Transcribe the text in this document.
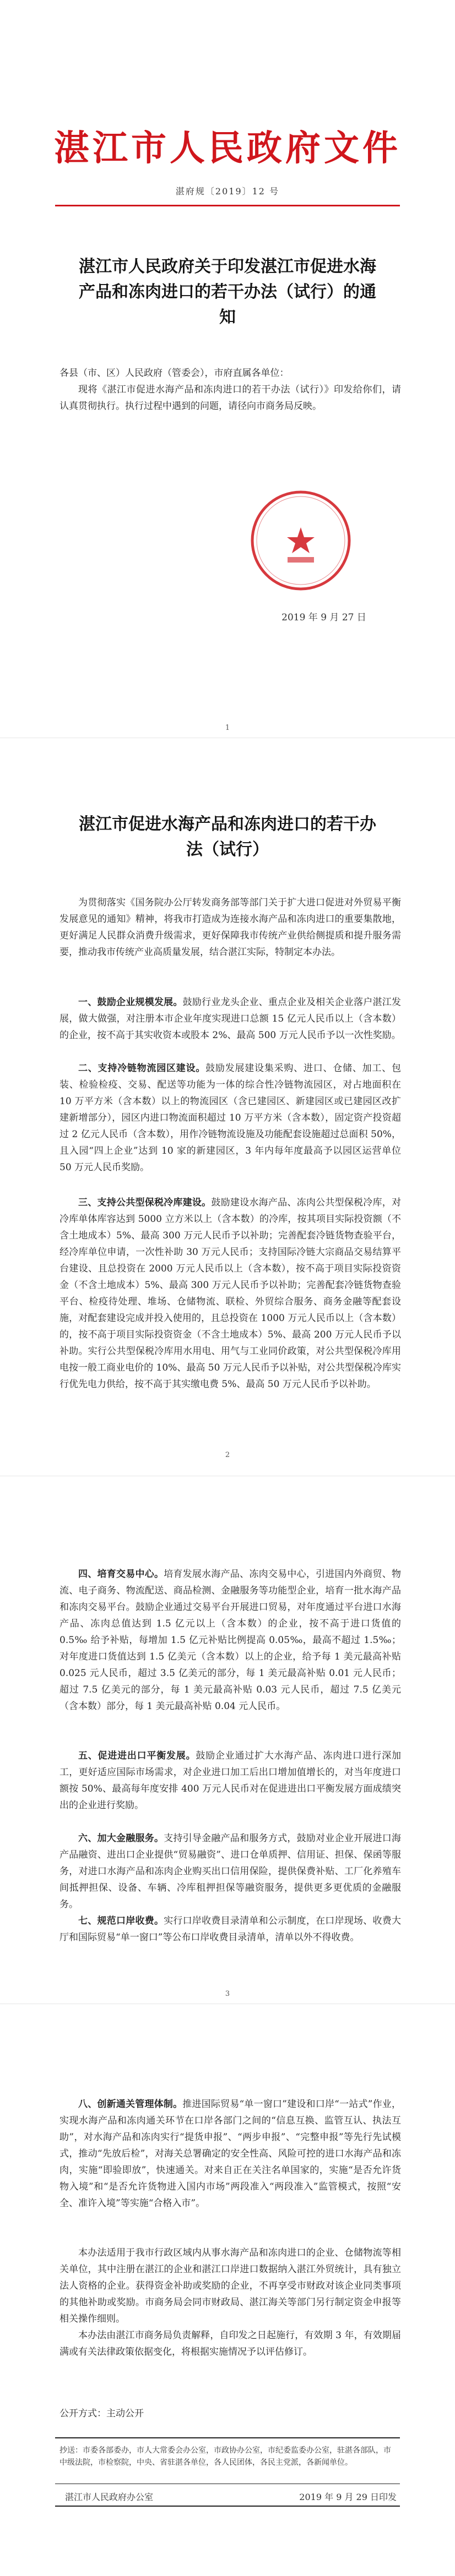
湛江市人民政府文件
湛府规〔2019〕12 号
湛江市人民政府关于印发湛江市促进水海产品和冻肉进口的若干办法（试行）的通知
各县（市、区）人民政府（管委会），市府直属各单位：
现将《湛江市促进水海产品和冻肉进口的若干办法（试行）》印发给你们，请认真贯彻执行。执行过程中遇到的问题，请径向市商务局反映。
2019 年 9 月 27 日
1
2
湛江市促进水海产品和冻肉进口的若干办法（试行）
为贯彻落实《国务院办公厅转发商务部等部门关于扩大进口促进对外贸易平衡发展意见的通知》精神，将我市打造成为连接水海产品和冻肉进口的重要集散地，更好满足人民群众消费升级需求，更好保障我市传统产业供给侧提质和提升服务需要，推动我市传统产业高质量发展，结合湛江实际，特制定本办法。
一、鼓励企业规模发展。鼓励行业龙头企业、重点企业及相关企业落户湛江发展，做大做强，对注册本市企业年度实现进口总额 15 亿元人民币以上（含本数）的企业，按不高于其实收资本或股本 2%、最高 500 万元人民币予以一次性奖励。
二、支持冷链物流园区建设。鼓励发展建设集采购、进口、仓储、加工、包装、检验检疫、交易、配送等功能为一体的综合性冷链物流园区，对占地面积在 10 万平方米（含本数）以上的物流园区（含已建园区、新建园区或已建园区改扩建新增部分），园区内进口物流面积超过 10 万平方米（含本数），固定资产投资超过 2 亿元人民币（含本数），用作冷链物流设施及功能配套设施超过总面积 50%，且入园“四上企业”达到 10 家的新建园区，3 年内每年度最高予以园区运营单位 50 万元人民币奖励。
三、支持公共型保税冷库建设。鼓励建设水海产品、冻肉公共型保税冷库，对冷库单体库容达到 5000 立方米以上（含本数）的冷库，按其项目实际投资额（不含土地成本）5%、最高 300 万元人民币予以补助；完善配套冷链货物查验平台，经冷库单位申请，一次性补助 30 万元人民币；支持国际冷链大宗商品交易结算平台建设、且总投资在 2000 万元人民币以上（含本数），按不高于项目实际投资资金（不含土地成本）5%、最高 300 万元人民币予以补助；完善配套冷链货物查验平台、检疫待处理、堆场、仓储物流、联检、外贸综合服务、商务金融等配套设施，对配套建设完成并投入使用的，且总投资在 1000 万元人民币以上（含本数）的，按不高于项目实际投资资金（不含土地成本）5%、最高 200 万元人民币予以补助。实行公共型保税冷库用水用电、用气与工业同价政策，对公共型保税冷库用电按一般工商业电价的 10%、最高 50 万元人民币予以补贴，对公共型保税冷库实行优先电力供给，按不高于其实缴电费 5%、最高 50 万元人民币予以补助。
四、培育交易中心。培育发展水海产品、冻肉交易中心，引进国内外商贸、物流、电子商务、物流配送、商品检测、金融服务等功能型企业，培育一批水海产品和冻肉交易平台。鼓励企业通过交易平台开展进口贸易，对年度通过平台进口水海产品、冻肉总值达到 1.5 亿元以上（含本数）的企业，按不高于进口货值的 0.5‰ 给予补贴，每增加 1.5 亿元补贴比例提高 0.05‰，最高不超过 1.5‰；对年度进口货值达到 1.5 亿美元（含本数）以上的企业，给予每 1 美元最高补贴 0.025 元人民币，超过 3.5 亿美元的部分，每 1 美元最高补贴 0.01 元人民币；超过 7.5 亿美元的部分，每 1 美元最高补贴 0.03 元人民币，超过 7.5 亿美元（含本数）部分，每 1 美元最高补贴 0.04 元人民币。
五、促进进出口平衡发展。鼓励企业通过扩大水海产品、冻肉进口进行深加工，更好适应国际市场需求，对企业进口加工后出口增加值增长的，对当年度进口额按 50%、最高每年度安排 400 万元人民币对在促进进出口平衡发展方面成绩突出的企业进行奖励。
六、加大金融服务。支持引导金融产品和服务方式，鼓励对业企业开展进口海产品融资、进出口企业提供“贸易融资”、进口仓单质押、信用证、担保、保函等服务，对进口水海产品和冻肉企业购买出口信用保险，提供保费补贴、工厂化养殖车间抵押担保、设备、车辆、冷库租押担保等融资服务，提供更多更优质的金融服务。
七、规范口岸收费。实行口岸收费目录清单和公示制度，在口岸现场、收费大厅和国际贸易“单一窗口”等公布口岸收费目录清单，清单以外不得收费。
3
八、创新通关管理体制。推进国际贸易“单一窗口”建设和口岸“一站式”作业，实现水海产品和冻肉通关环节在口岸各部门之间的“信息互换、监管互认、执法互助”，对水海产品和冻肉实行“提货申报”、“两步申报”、“完整申报”等先行先试模式，推动“先放后检”，对海关总署确定的安全性高、风险可控的进口水海产品和冻肉，实施“即验即放”，快速通关。对来自正在关注名单国家的，实施“是否允许货物入境”和“是否允许货物进入国内市场”两段准入“两段准入”监管模式，按照“安全、准许入境”等实施“合格入市”。
本办法适用于我市行政区域内从事水海产品和冻肉进口的企业、仓储物流等相关单位，其中注册在湛江的企业和湛江口岸进口数据纳入湛江外贸统计，具有独立法人资格的企业。获得资金补助或奖励的企业，不再享受市财政对该企业同类事项的其他补助或奖励。市商务局会同市财政局、湛江海关等部门另行制定资金申报等相关操作细则。
本办法由湛江市商务局负责解释，自印发之日起施行，有效期 3 年，有效期届满或有关法律政策依据变化，将根据实施情况予以评估修订。
公开方式：主动公开
抄送：市委各部委办，市人大常委会办公室，市政协办公室，市纪委监委办公室，驻湛各部队，市中级法院，市检察院，中央、省驻湛各单位，各人民团体，各民主党派，各新闻单位。
湛江市人民政府办公室	2019 年 9 月 29 日印发
